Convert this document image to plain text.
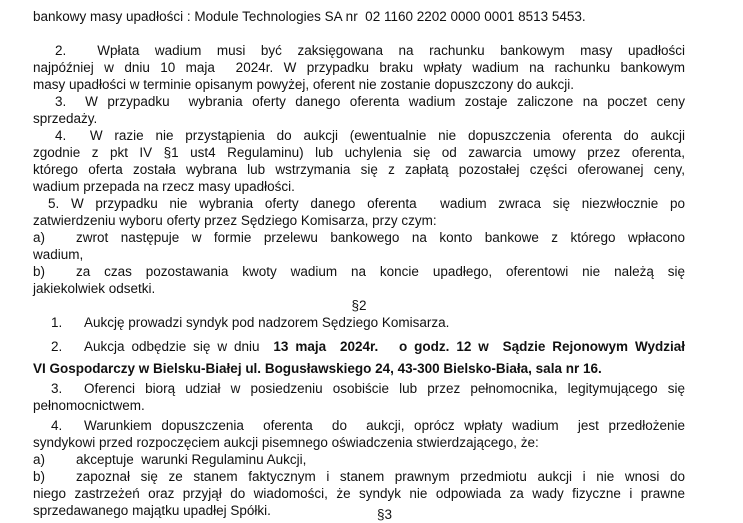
bankowy masy upadłości : Module Technologies SA nr  02 1160 2202 0000 0001 8513 5453.
2.  Wpłata wadium musi być zaksięgowana na rachunku bankowym masy upadłości
najpóźniej w dniu 10 maja  2024r. W przypadku braku wpłaty wadium na rachunku bankowym
masy upadłości w terminie opisanym powyżej, oferent nie zostanie dopuszczony do aukcji.
3.  W przypadku  wybrania oferty danego oferenta wadium zostaje zaliczone na poczet ceny
sprzedaży.
4.  W razie nie przystąpienia do aukcji (ewentualnie nie dopuszczenia oferenta do aukcji
zgodnie z pkt IV §1 ust4 Regulaminu) lub uchylenia się od zawarcia umowy przez oferenta,
którego oferta została wybrana lub wstrzymania się z zapłatą pozostałej części oferowanej ceny,
wadium przepada na rzecz masy upadłości.
5. W przypadku nie wybrania oferty danego oferenta  wadium zwraca się niezwłocznie po
zatwierdzeniu wyboru oferty przez Sędziego Komisarza, przy czym:
a) zwrot następuje w formie przelewu bankowego na konto bankowe z którego wpłacono
wadium,
b) za czas pozostawania kwoty wadium na koncie upadłego, oferentowi nie należą się
jakiekolwiek odsetki.
§2
1. Aukcję prowadzi syndyk pod nadzorem Sędziego Komisarza.
2. Aukcja odbędzie się w dniu  13 maja  2024r.   o godz. 12 w  Sądzie Rejonowym Wydział
VI Gospodarczy w Bielsku-Białej ul. Bogusławskiego 24, 43-300 Bielsko-Biała, sala nr 16.
3. Oferenci biorą udział w posiedzeniu osobiście lub przez pełnomocnika, legitymującego się
pełnomocnictwem.
4. Warunkiem dopuszczenia  oferenta  do  aukcji, oprócz wpłaty wadium  jest przedłożenie
syndykowi przed rozpoczęciem aukcji pisemnego oświadczenia stwierdzającego, że:
a) akceptuje  warunki Regulaminu Aukcji,
b) zapoznał się ze stanem faktycznym i stanem prawnym przedmiotu aukcji i nie wnosi do
niego zastrzeżeń oraz przyjął do wiadomości, że syndyk nie odpowiada za wady fizyczne i prawne
sprzedawanego majątku upadłej Spółki.	§3
